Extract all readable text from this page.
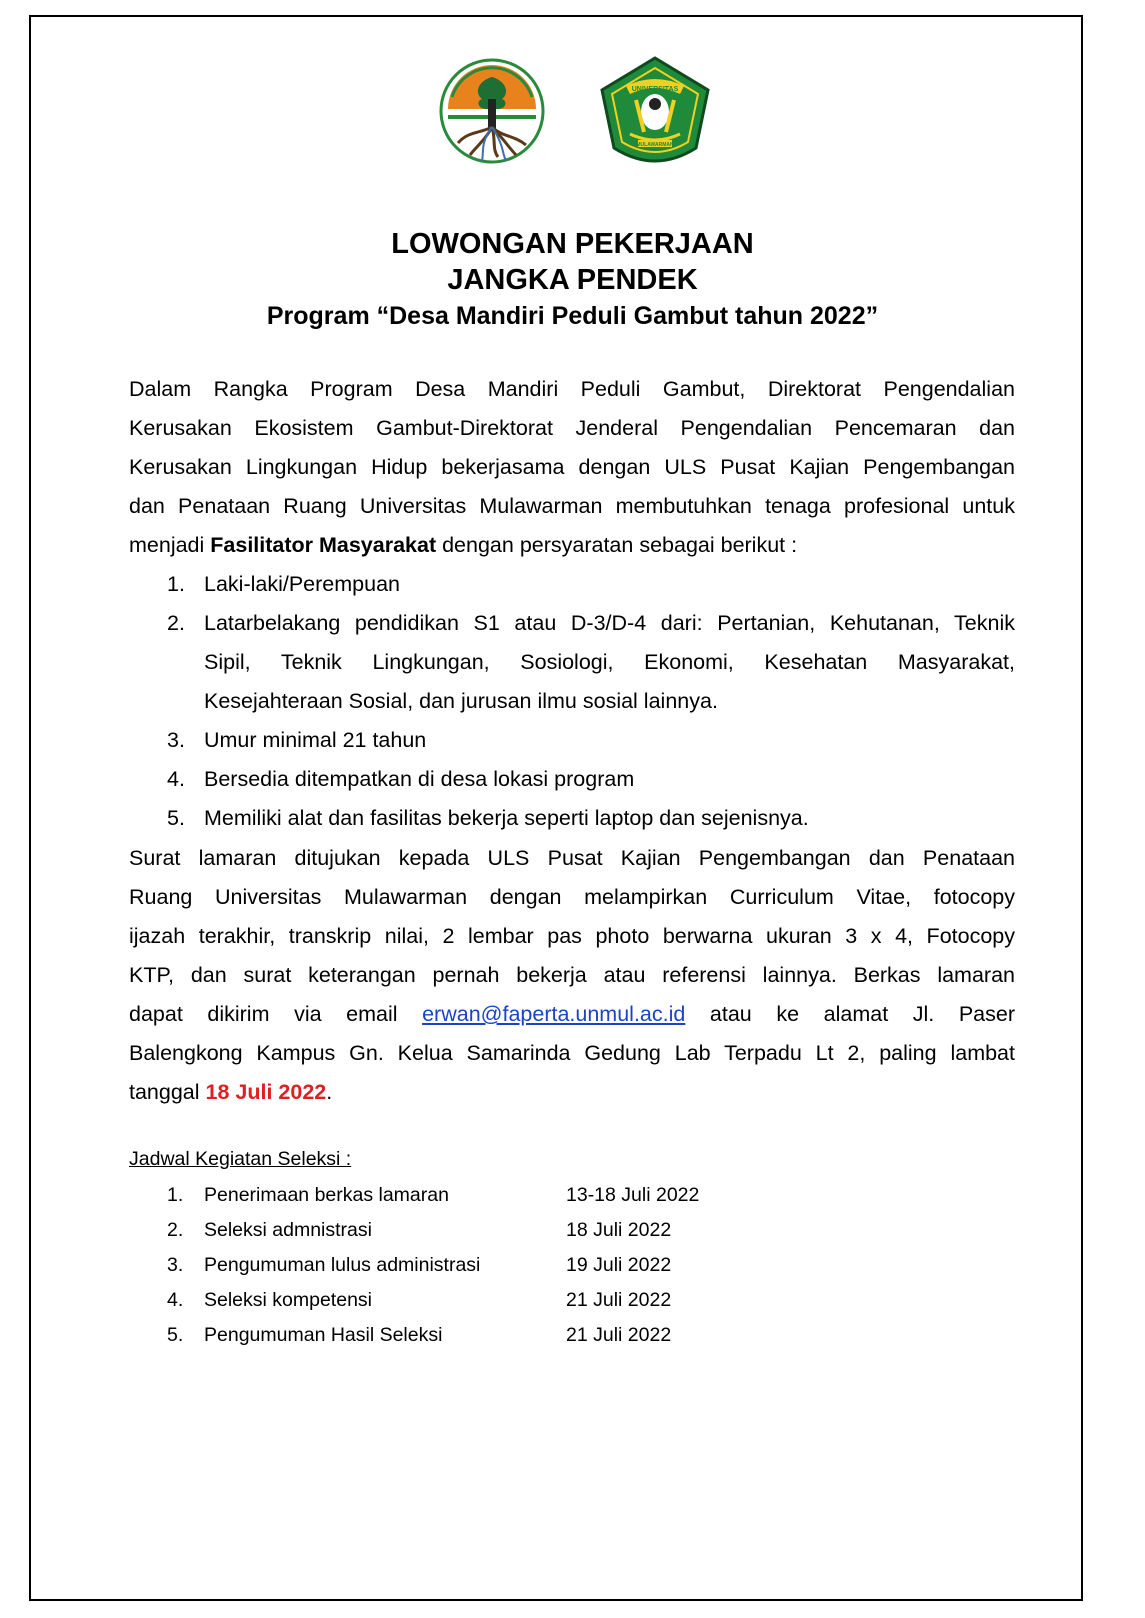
UNIVERSITAS
MULAWARMAN
LOWONGAN PEKERJAAN
JANGKA PENDEK
Program “Desa Mandiri Peduli Gambut tahun 2022”
Dalam Rangka Program Desa Mandiri Peduli Gambut, Direktorat Pengendalian
Kerusakan Ekosistem Gambut-Direktorat Jenderal Pengendalian Pencemaran dan
Kerusakan Lingkungan Hidup bekerjasama dengan ULS Pusat Kajian Pengembangan
dan Penataan Ruang Universitas Mulawarman membutuhkan tenaga profesional untuk
menjadi Fasilitator Masyarakat dengan persyaratan sebagai berikut :
1. Laki-laki/Perempuan
2. Latarbelakang pendidikan S1 atau D-3/D-4 dari: Pertanian, Kehutanan, Teknik
Sipil, Teknik Lingkungan, Sosiologi, Ekonomi, Kesehatan Masyarakat,
Kesejahteraan Sosial, dan jurusan ilmu sosial lainnya.
3. Umur minimal 21 tahun
4. Bersedia ditempatkan di desa lokasi program
5. Memiliki alat dan fasilitas bekerja seperti laptop dan sejenisnya.
Surat lamaran ditujukan kepada ULS Pusat Kajian Pengembangan dan Penataan
Ruang Universitas Mulawarman dengan melampirkan Curriculum Vitae, fotocopy
ijazah terakhir, transkrip nilai, 2 lembar pas photo berwarna ukuran 3 x 4, Fotocopy
KTP, dan surat keterangan pernah bekerja atau referensi lainnya. Berkas lamaran
dapat dikirim via email erwan@faperta.unmul.ac.id atau ke alamat Jl. Paser
Balengkong Kampus Gn. Kelua Samarinda Gedung Lab Terpadu Lt 2, paling lambat
tanggal 18 Juli 2022.
Jadwal Kegiatan Seleksi :
1. Penerimaan berkas lamaran	13-18 Juli 2022
2. Seleksi admnistrasi	18 Juli 2022
3. Pengumuman lulus administrasi	19 Juli 2022
4. Seleksi kompetensi	21 Juli 2022
5. Pengumuman Hasil Seleksi	21 Juli 2022
